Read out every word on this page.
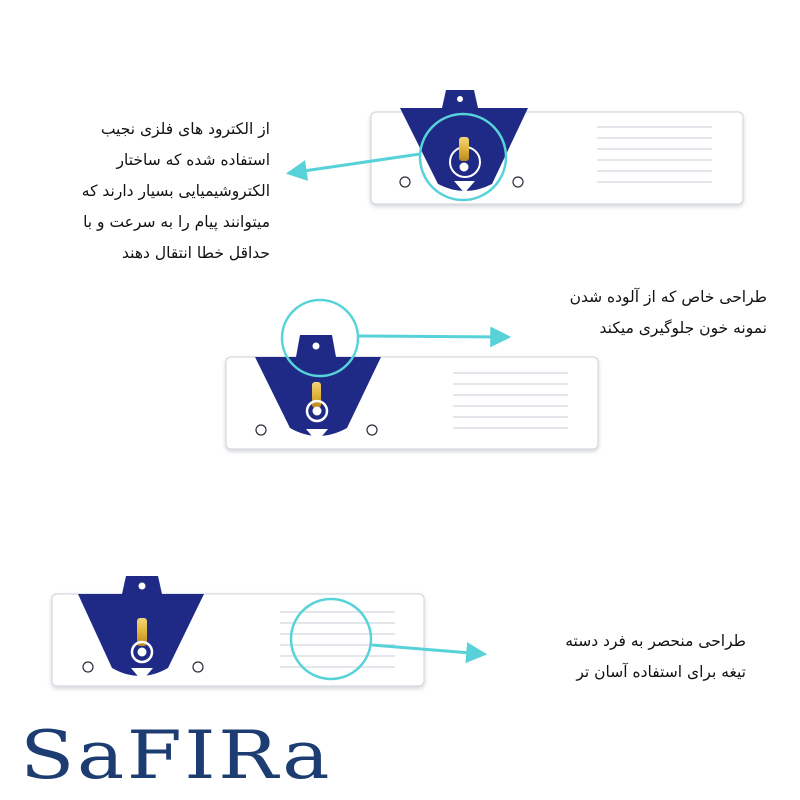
از الکترود های فلزی نجیب
استفاده شده که ساختار
الکتروشیمیایی بسیار دارند که
میتوانند پیام را به سرعت و با
حداقل خطا انتقال دهند
طراحی خاص که از آلوده شدن
نمونه خون جلوگیری میکند
طراحی منحصر به فرد دسته
تیغه برای استفاده آسان تر
SaFIRa
